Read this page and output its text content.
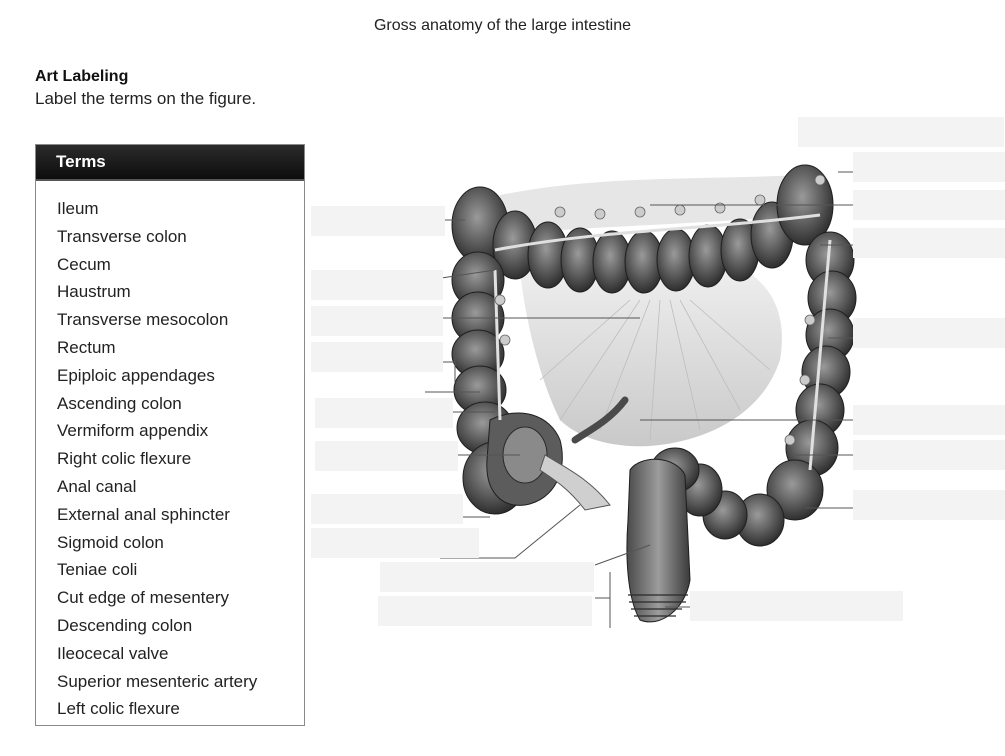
Gross anatomy of the large intestine
Art Labeling
Label the terms on the figure.
Terms
Ileum
Transverse colon
Cecum
Haustrum
Transverse mesocolon
Rectum
Epiploic appendages
Ascending colon
Vermiform appendix
Right colic flexure
Anal canal
External anal sphincter
Sigmoid colon
Teniae coli
Cut edge of mesentery
Descending colon
Ileocecal valve
Superior mesenteric artery
Left colic flexure
